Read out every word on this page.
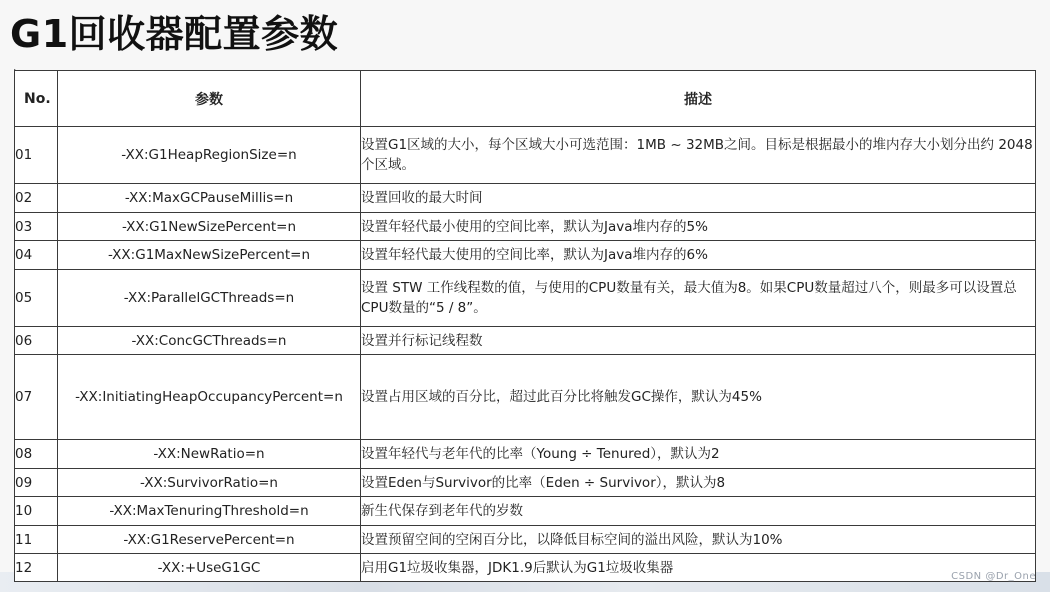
G1回收器配置参数
No.	参数	描述
01	-XX:G1HeapRegionSize=n	设置G1区域的大小，每个区域大小可选范围：1MB ~ 32MB之间。目标是根据最小的堆内存大小划分出约 2048 个区域。
02	-XX:MaxGCPauseMillis=n	设置回收的最大时间
03	-XX:G1NewSizePercent=n	设置年轻代最小使用的空间比率，默认为Java堆内存的5%
04	-XX:G1MaxNewSizePercent=n	设置年轻代最大使用的空间比率，默认为Java堆内存的6%
05	-XX:ParallelGCThreads=n	设置 STW 工作线程数的值，与使用的CPU数量有关，最大值为8。如果CPU数量超过八个，则最多可以设置总CPU数量的“5 / 8”。
06	-XX:ConcGCThreads=n	设置并行标记线程数
07	-XX:InitiatingHeapOccupancyPercent=n	设置占用区域的百分比，超过此百分比将触发GC操作，默认为45%
08	-XX:NewRatio=n	设置年轻代与老年代的比率（Young ÷ Tenured），默认为2
09	-XX:SurvivorRatio=n	设置Eden与Survivor的比率（Eden ÷ Survivor），默认为8
10	-XX:MaxTenuringThreshold=n	新生代保存到老年代的岁数
11	-XX:G1ReservePercent=n	设置预留空间的空闲百分比，以降低目标空间的溢出风险，默认为10%
12	-XX:+UseG1GC	启用G1垃圾收集器，JDK1.9后默认为G1垃圾收集器
CSDN @Dr_One
